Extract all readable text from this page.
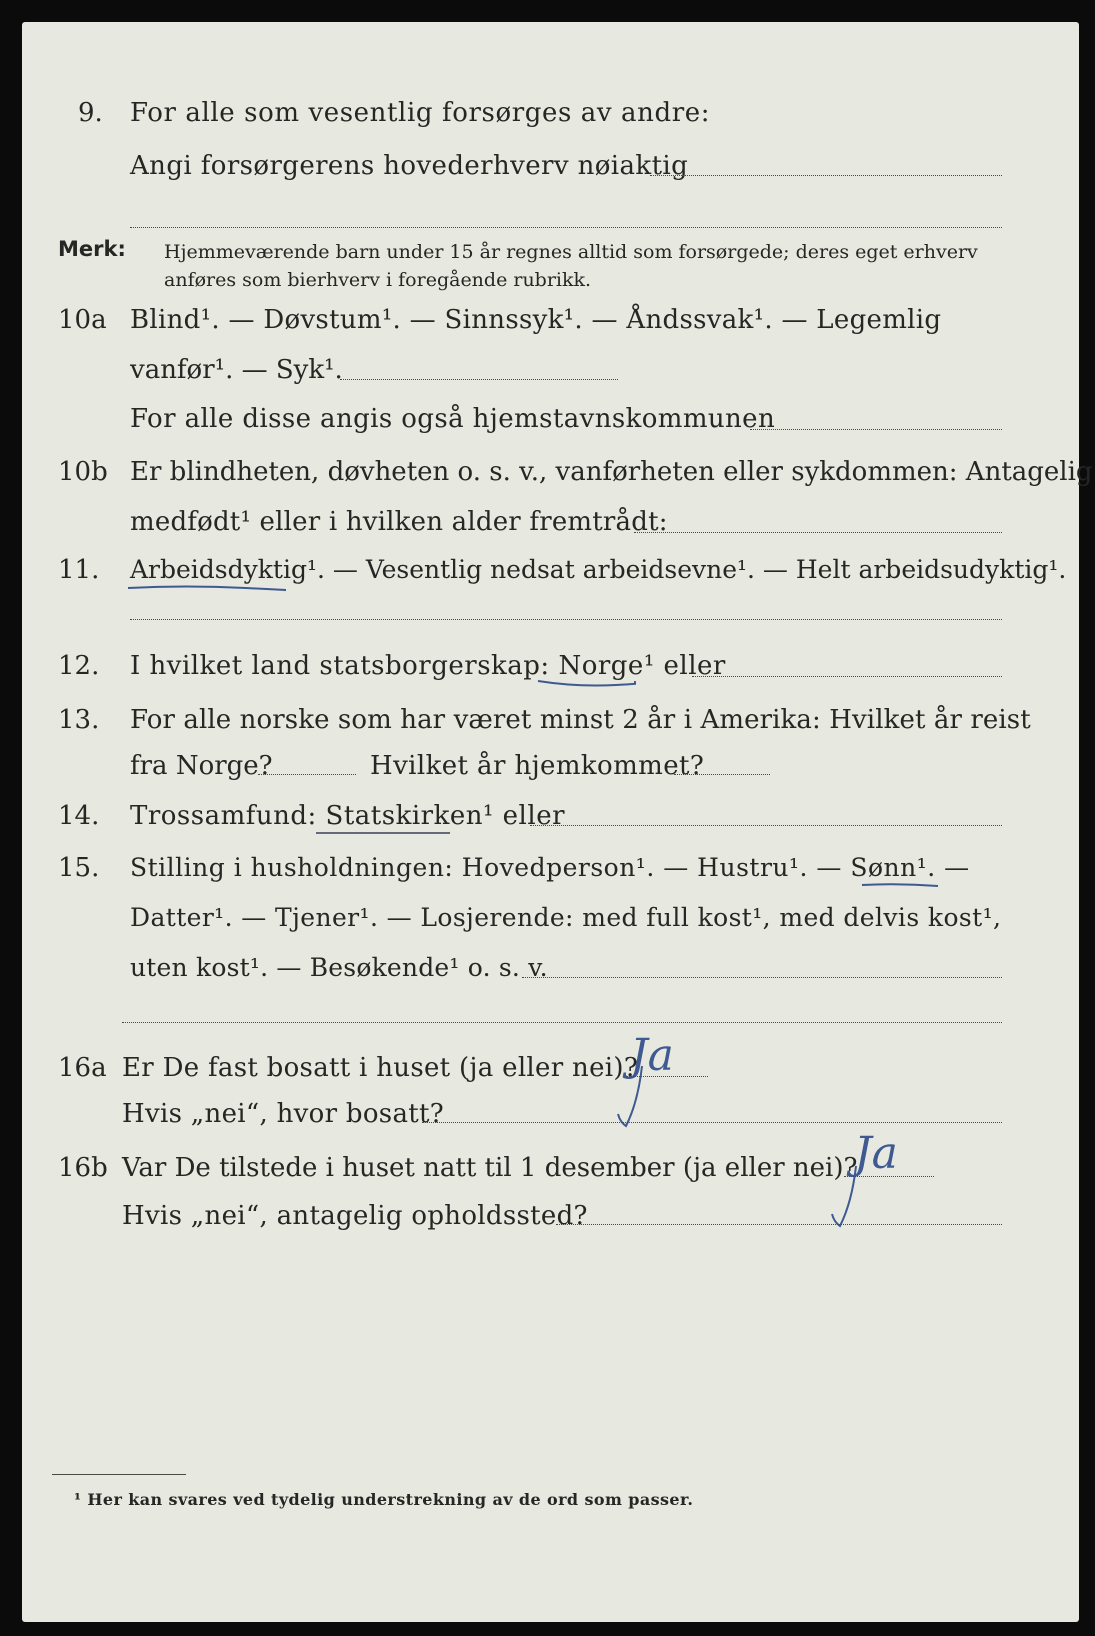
9. For alle som vesentlig forsørges av andre:
Angi forsørgerens hovederhverv nøiaktig
Merk: Hjemmeværende barn under 15 år regnes alltid som forsørgede; deres eget erhverv
anføres som bierhverv i foregående rubrikk.
10a Blind¹. — Døvstum¹. — Sinnssyk¹. — Åndssvak¹. — Legemlig
vanfør¹. — Syk¹.
For alle disse angis også hjemstavnskommunen
10b Er blindheten, døvheten o. s. v., vanførheten eller sykdommen: Antagelig
medfødt¹ eller i hvilken alder fremtrådt:
11. Arbeidsdyktig¹. — Vesentlig nedsat arbeidsevne¹. — Helt arbeidsudyktig¹.
12. I hvilket land statsborgerskap: Norge¹ eller
13. For alle norske som har været minst 2 år i Amerika: Hvilket år reist
fra Norge?	Hvilket år hjemkommet?
14. Trossamfund: Statskirken¹ eller
15. Stilling i husholdningen: Hovedperson¹. — Hustru¹. — Sønn¹. —
Datter¹. — Tjener¹. — Losjerende: med full kost¹, med delvis kost¹,
uten kost¹. — Besøkende¹ o. s. v.
16a Er De fast bosatt i huset (ja eller nei)?
Ja
Hvis „nei“, hvor bosatt?
16b Var De tilstede i huset natt til 1 desember (ja eller nei)?
Ja
Hvis „nei“, antagelig opholdssted?
¹ Her kan svares ved tydelig understrekning av de ord som passer.
